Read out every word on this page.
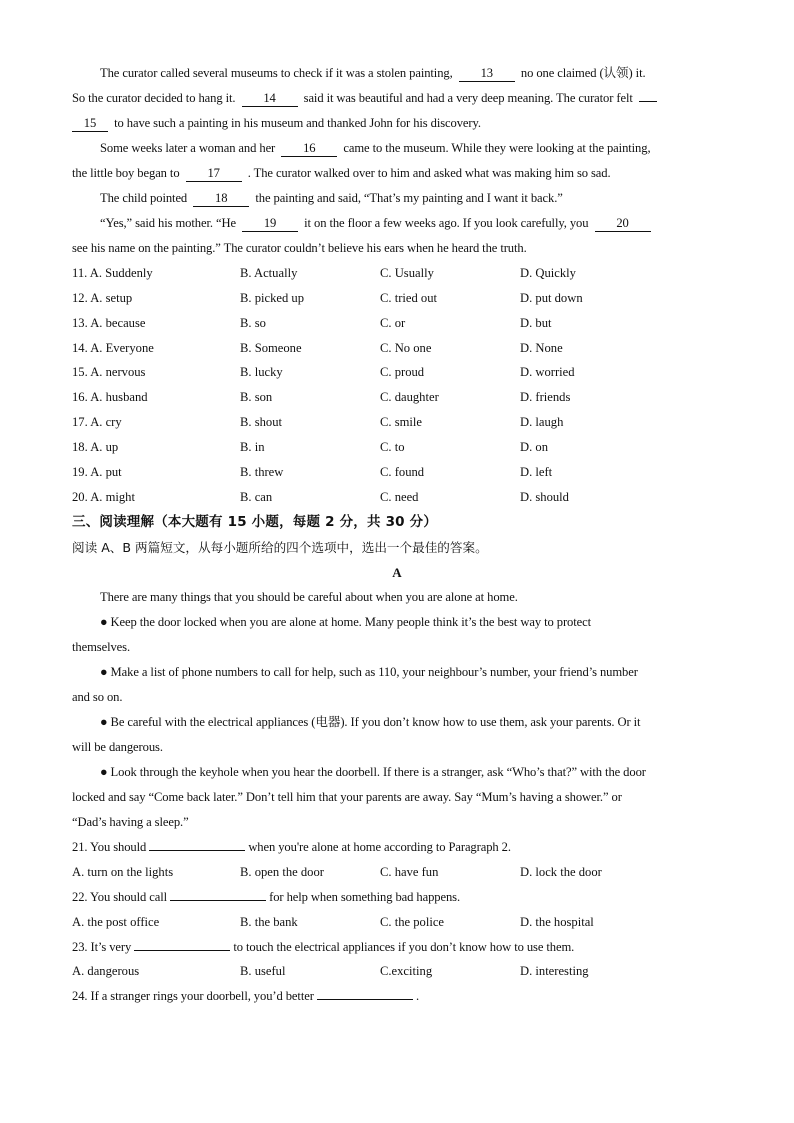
The curator called several museums to check if it was a stolen painting, 13 no one claimed (认领) it.
So the curator decided to hang it. 14 said it was beautiful and had a very deep meaning. The curator felt
15 to have such a painting in his museum and thanked John for his discovery.
Some weeks later a woman and her 16 came to the museum. While they were looking at the painting,
the little boy began to 17 . The curator walked over to him and asked what was making him so sad.
The child pointed 18 the painting and said, “That’s my painting and I want it back.”
“Yes,” said his mother. “He 19 it on the floor a few weeks ago. If you look carefully, you 20
see his name on the painting.” The curator couldn’t believe his ears when he heard the truth.
11. A. Suddenly	B. Actually	C. Usually	D. Quickly
12. A. setup	B. picked up	C. tried out	D. put down
13. A. because	B. so	C. or	D. but
14. A. Everyone	B. Someone	C. No one	D. None
15. A. nervous	B. lucky	C. proud	D. worried
16. A. husband	B. son	C. daughter	D. friends
17. A. cry	B. shout	C. smile	D. laugh
18. A. up	B. in	C. to	D. on
19. A. put	B. threw	C. found	D. left
20. A. might	B. can	C. need	D. should
三、阅读理解（本大题有 15 小题，每题 2 分，共 30 分）
阅读 A、B 两篇短文，从每小题所给的四个选项中，选出一个最佳的答案。
A
There are many things that you should be careful about when you are alone at home.
● Keep the door locked when you are alone at home. Many people think it’s the best way to protect
themselves.
● Make a list of phone numbers to call for help, such as 110, your neighbour’s number, your friend’s number
and so on.
● Be careful with the electrical appliances (电器). If you don’t know how to use them, ask your parents. Or it
will be dangerous.
● Look through the keyhole when you hear the doorbell. If there is a stranger, ask “Who’s that?” with the door
locked and say “Come back later.” Don’t tell him that your parents are away. Say “Mum’s having a shower.” or
“Dad’s having a sleep.”
21. You should	when you're alone at home according to Paragraph 2.
A. turn on the lights	B. open the door	C. have fun	D. lock the door
22. You should call	for help when something bad happens.
A. the post office	B. the bank	C. the police	D. the hospital
23. It’s very	to touch the electrical appliances if you don’t know how to use them.
A. dangerous	B. useful	C.exciting	D. interesting
24. If a stranger rings your doorbell, you’d better	.
